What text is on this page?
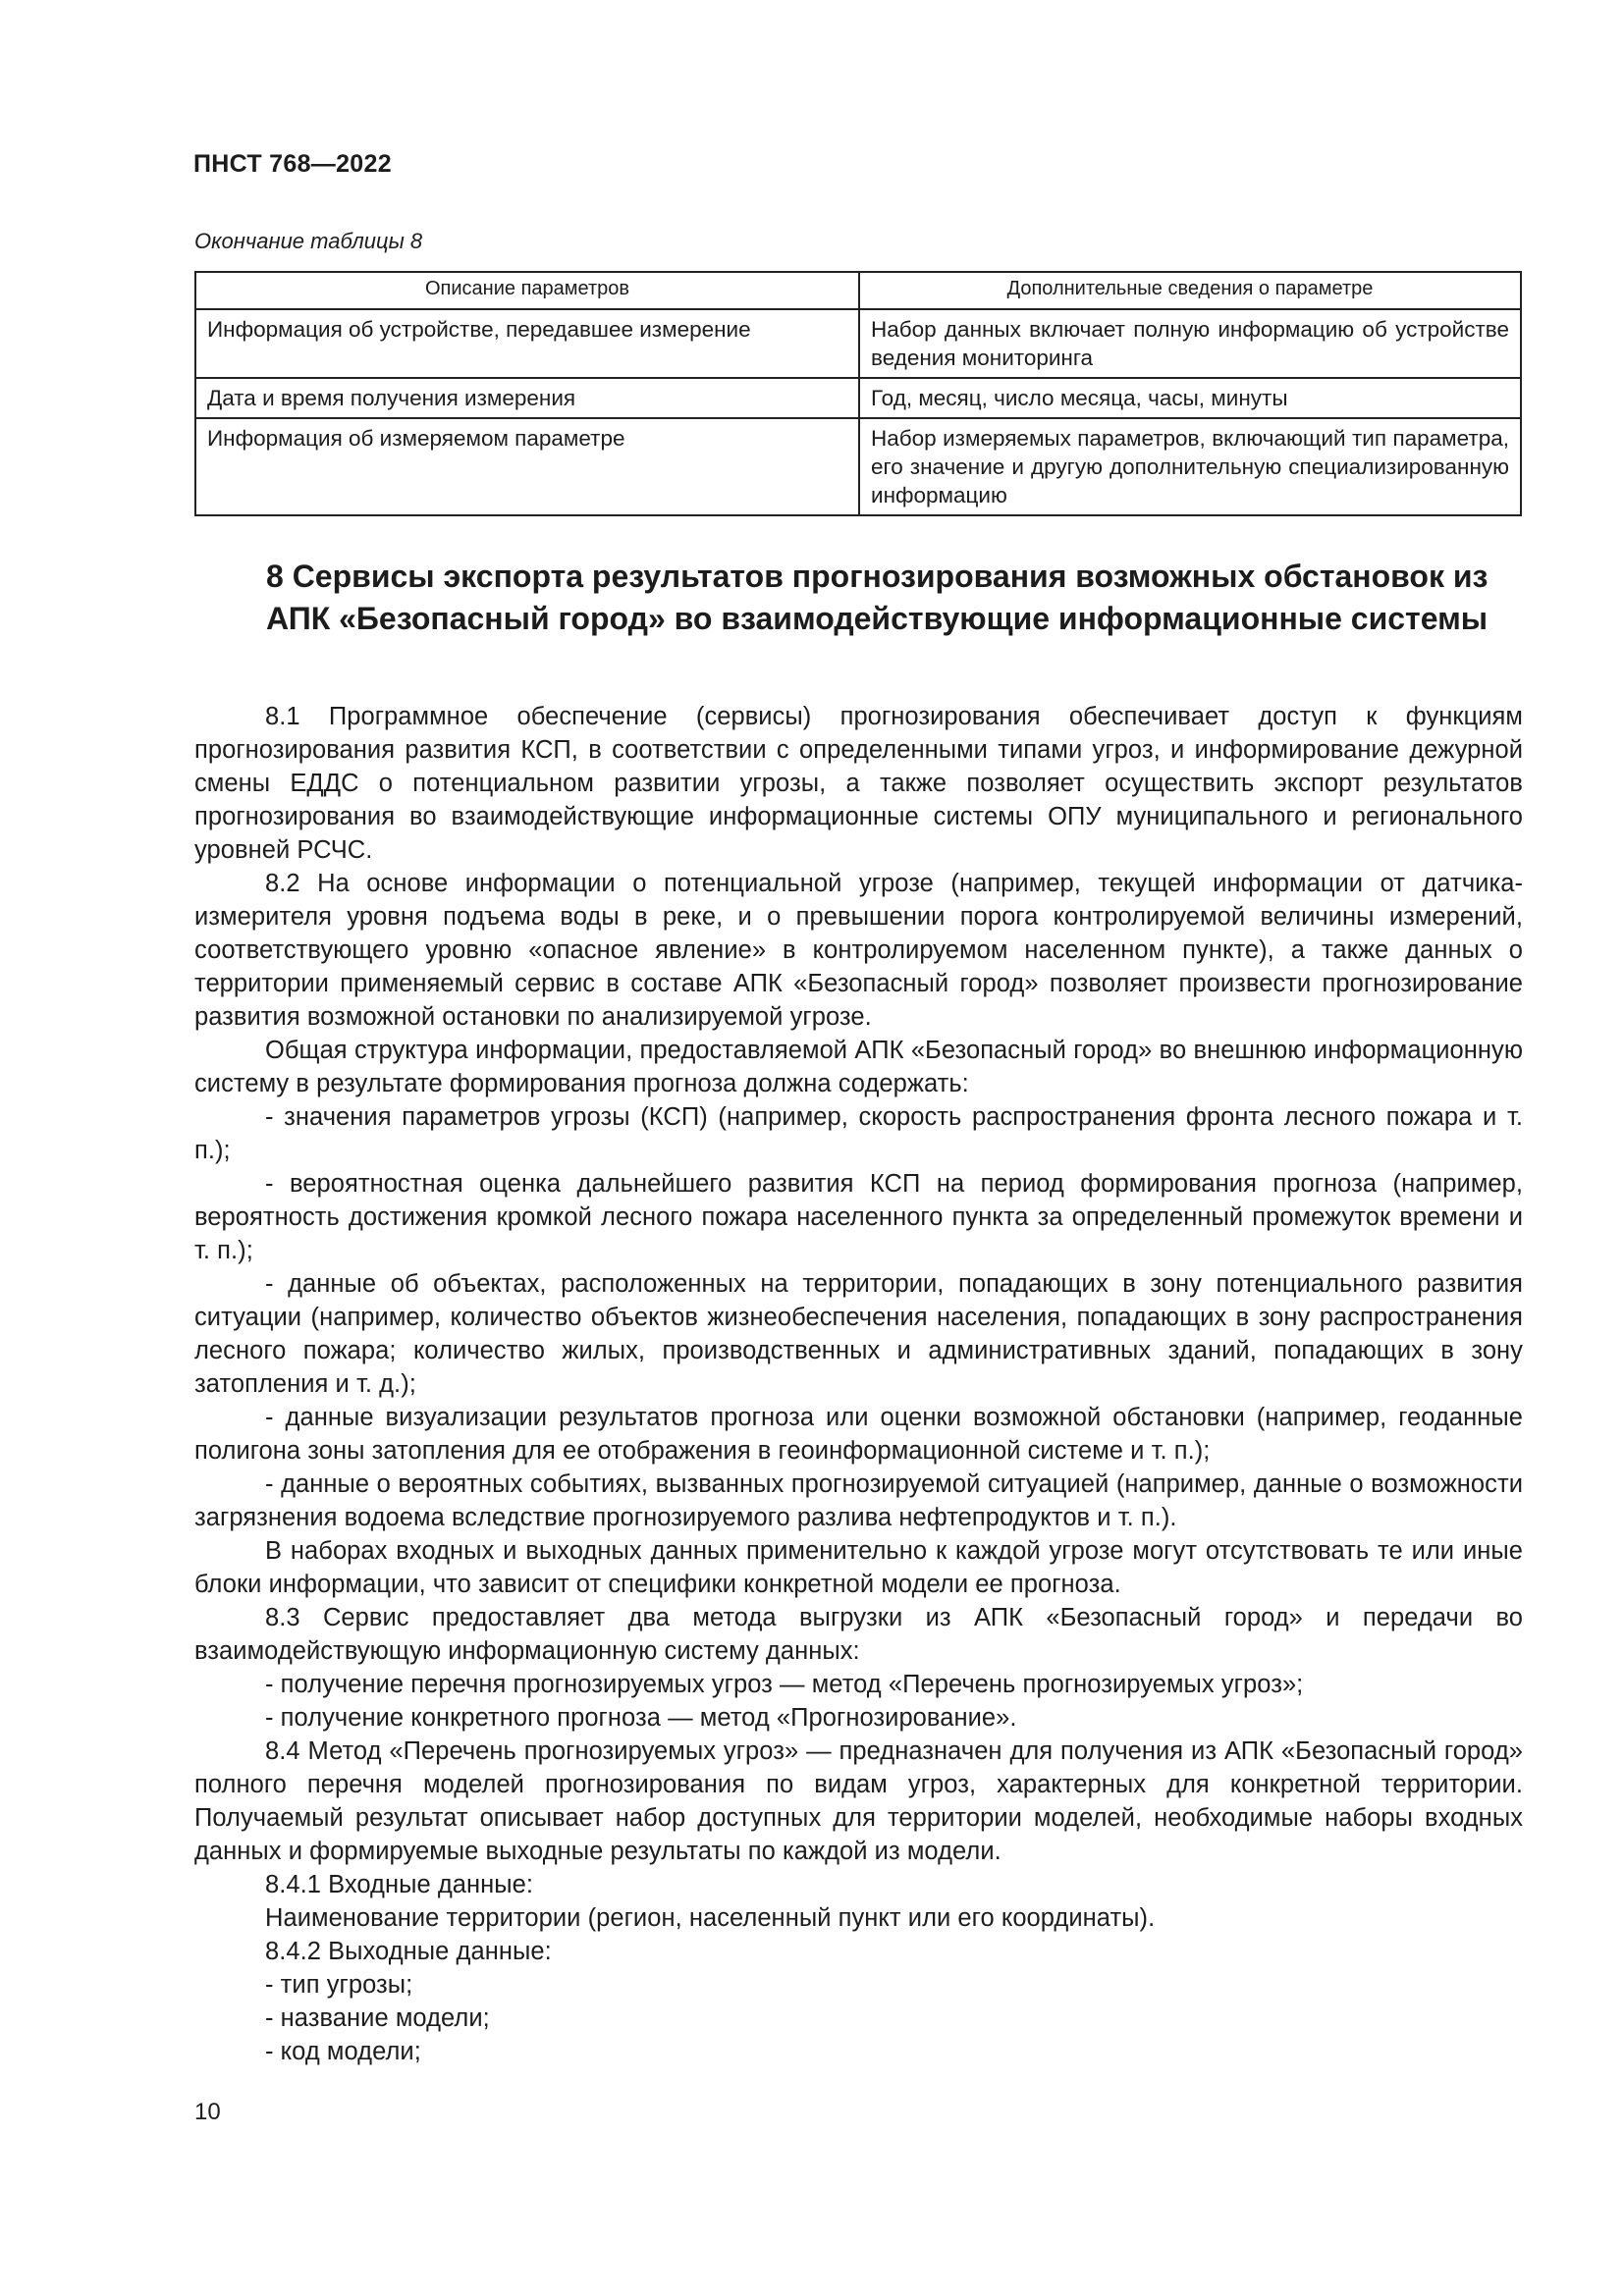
ПНСТ 768—2022
Окончание таблицы 8
Описание параметров	Дополнительные сведения о параметре
Информация об устройстве, передавшее измерение	Набор данных включает полную информацию об устройстве ведения мониторинга
Дата и время получения измерения	Год, месяц, число месяца, часы, минуты
Информация об измеряемом параметре	Набор измеряемых параметров, включающий тип параметра, его значение и другую дополнительную специализированную информацию
8 Сервисы экспорта результатов прогнозирования возможных обстановок из АПК «Безопасный город» во взаимодействующие информационные системы

8.1 Программное обеспечение (сервисы) прогнозирования обеспечивает доступ к функциям прогнозирования развития КСП, в соответствии с определенными типами угроз, и информирование дежурной смены ЕДДС о потенциальном развитии угрозы, а также позволяет осуществить экспорт результатов прогнозирования во взаимодействующие информационные системы ОПУ муниципального и регионального уровней РСЧС.

8.2 На основе информации о потенциальной угрозе (например, текущей информации от датчика-измерителя уровня подъема воды в реке, и о превышении порога контролируемой величины измерений, соответствующего уровню «опасное явление» в контролируемом населенном пункте), а также данных о территории применяемый сервис в составе АПК «Безопасный город» позволяет произвести прогнозирование развития возможной остановки по анализируемой угрозе.

Общая структура информации, предоставляемой АПК «Безопасный город» во внешнюю информационную систему в результате формирования прогноза должна содержать:

- значения параметров угрозы (КСП) (например, скорость распространения фронта лесного пожара и т. п.);

- вероятностная оценка дальнейшего развития КСП на период формирования прогноза (например, вероятность достижения кромкой лесного пожара населенного пункта за определенный промежуток времени и т. п.);

- данные об объектах, расположенных на территории, попадающих в зону потенциального развития ситуации (например, количество объектов жизнеобеспечения населения, попадающих в зону распространения лесного пожара; количество жилых, производственных и административных зданий, попадающих в зону затопления и т. д.);

- данные визуализации результатов прогноза или оценки возможной обстановки (например, геоданные полигона зоны затопления для ее отображения в геоинформационной системе и т. п.);

- данные о вероятных событиях, вызванных прогнозируемой ситуацией (например, данные о возможности загрязнения водоема вследствие прогнозируемого разлива нефтепродуктов и т. п.).

В наборах входных и выходных данных применительно к каждой угрозе могут отсутствовать те или иные блоки информации, что зависит от специфики конкретной модели ее прогноза.

8.3 Сервис предоставляет два метода выгрузки из АПК «Безопасный город» и передачи во взаимодействующую информационную систему данных:

- получение перечня прогнозируемых угроз — метод «Перечень прогнозируемых угроз»;

- получение конкретного прогноза — метод «Прогнозирование».

8.4 Метод «Перечень прогнозируемых угроз» — предназначен для получения из АПК «Безопасный город» полного перечня моделей прогнозирования по видам угроз, характерных для конкретной территории. Получаемый результат описывает набор доступных для территории моделей, необходимые наборы входных данных и формируемые выходные результаты по каждой из модели.

8.4.1 Входные данные:

Наименование территории (регион, населенный пункт или его координаты).

8.4.2 Выходные данные:

- тип угрозы;

- название модели;

- код модели;

10
